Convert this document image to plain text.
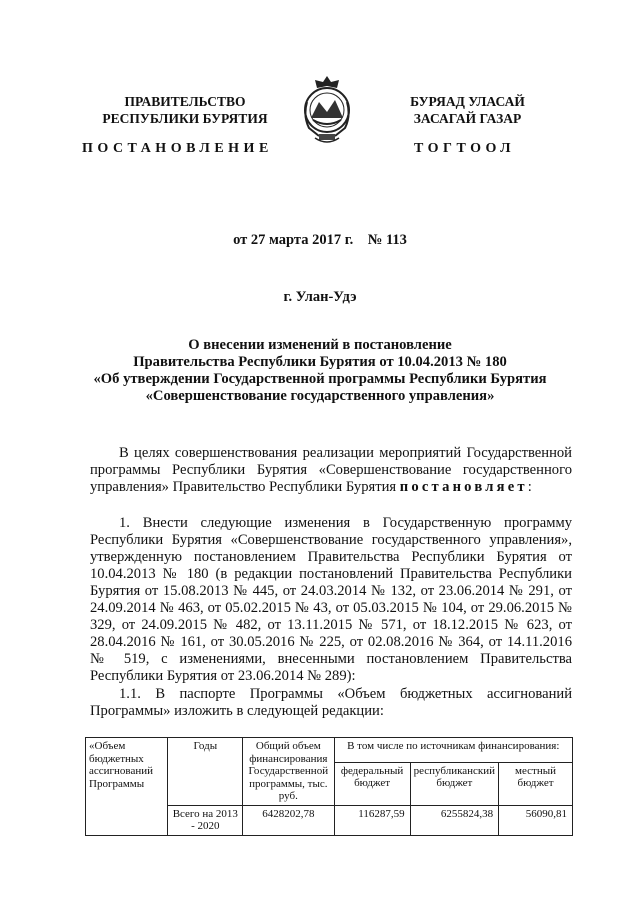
ПРАВИТЕЛЬСТВО
РЕСПУБЛИКИ БУРЯТИЯ
БУРЯАД УЛАСАЙ
ЗАСАГАЙ ГАЗАР
ПОСТАНОВЛЕНИЕ	ТОГТООЛ
от 27 марта 2017 г.    № 113
г. Улан-Удэ
О внесении изменений в постановление
Правительства Республики Бурятия от 10.04.2013 № 180
«Об утверждении Государственной программы Республики Бурятия
«Совершенствование государственного управления»
В целях совершенствования реализации мероприятий Государственной программы Республики Бурятия «Совершенствование государственного управления» Правительство Республики Бурятия постановляет:
1. Внести следующие изменения в Государственную программу Республики Бурятия «Совершенствование государственного управления», утвержденную постановлением Правительства Республики Бурятия от 10.04.2013 № 180 (в редакции постановлений Правительства Республики Бурятия от 15.08.2013 № 445, от 24.03.2014 № 132, от 23.06.2014 № 291, от 24.09.2014 № 463, от 05.02.2015 № 43, от 05.03.2015 № 104, от 29.06.2015 № 329, от 24.09.2015 № 482, от 13.11.2015 № 571, от 18.12.2015 № 623, от 28.04.2016 № 161, от 30.05.2016 № 225, от 02.08.2016 № 364, от 14.11.2016 № 519, с изменениями, внесенными постановлением Правительства Республики Бурятия от 23.06.2014 № 289):
1.1. В паспорте Программы «Объем бюджетных ассигнований Программы» изложить в следующей редакции:
«Объем бюджетных ассигнований Программы	Годы	Общий объем финансирования Государственной программы, тыс. руб.	В том числе по источникам финансирования:		
			федеральный бюджет	республиканский бюджет	местный бюджет
	Всего на 2013 - 2020	6428202,78	116287,59	6255824,38	56090,81
